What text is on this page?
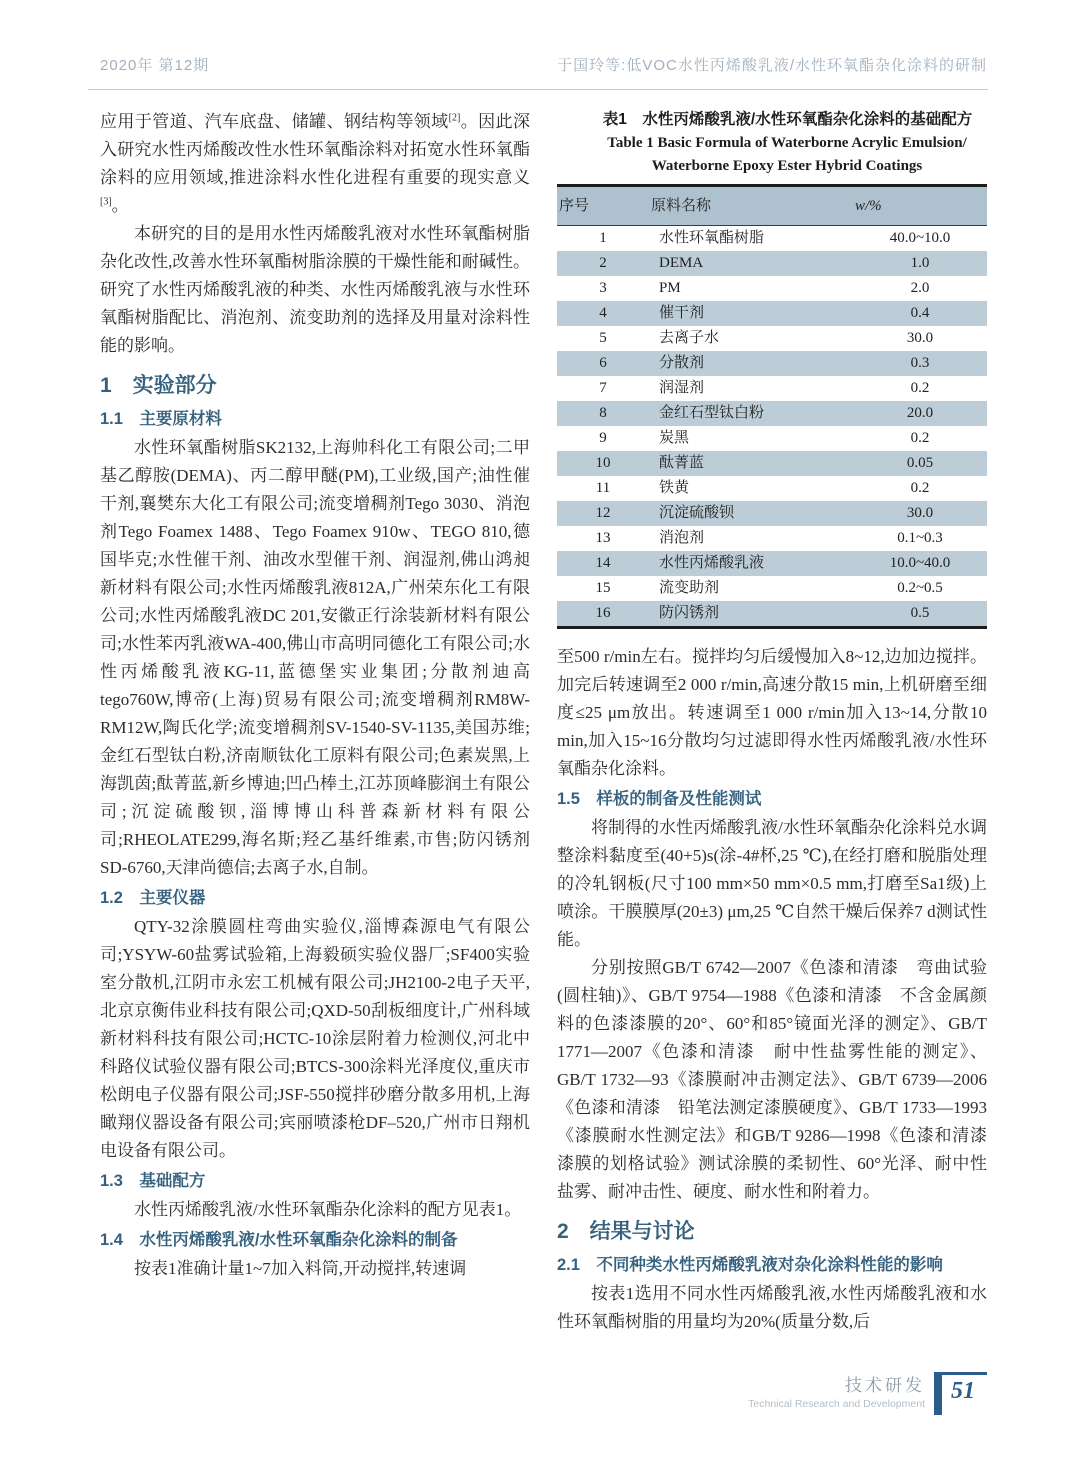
2020年 第12期	于国玲等:低VOC水性丙烯酸乳液/水性环氧酯杂化涂料的研制

应用于管道、汽车底盘、储罐、钢结构等领域[2]。因此深入研究水性丙烯酸改性水性环氧酯涂料对拓宽水性环氧酯涂料的应用领域,推进涂料水性化进程有重要的现实意义[3]。

本研究的目的是用水性丙烯酸乳液对水性环氧酯树脂杂化改性,改善水性环氧酯树脂涂膜的干燥性能和耐碱性。研究了水性丙烯酸乳液的种类、水性丙烯酸乳液与水性环氧酯树脂配比、消泡剂、流变助剂的选择及用量对涂料性能的影响。

1　实验部分
1.1　主要原材料

水性环氧酯树脂SK2132,上海帅科化工有限公司;二甲基乙醇胺(DEMA)、丙二醇甲醚(PM),工业级,国产;油性催干剂,襄樊东大化工有限公司;流变增稠剂Tego 3030、消泡剂Tego Foamex 1488、Tego Foamex 910w、TEGO 810,德国毕克;水性催干剂、油改水型催干剂、润湿剂,佛山鸿昶新材料有限公司;水性丙烯酸乳液812A,广州荣东化工有限公司;水性丙烯酸乳液DC 201,安徽正行涂装新材料有限公司;水性苯丙乳液WA-400,佛山市高明同德化工有限公司;水性丙烯酸乳液KG-11,蓝德堡实业集团;分散剂迪高tego760W,博帝(上海)贸易有限公司;流变增稠剂RM8W-RM12W,陶氏化学;流变增稠剂SV-1540-SV-1135,美国苏维;金红石型钛白粉,济南顺钛化工原料有限公司;色素炭黑,上海凯茵;酞菁蓝,新乡博迪;凹凸棒土,江苏顶峰膨润土有限公司;沉淀硫酸钡,淄博博山科普森新材料有限公司;RHEOLATE299,海名斯;羟乙基纤维素,市售;防闪锈剂SD-6760,天津尚德信;去离子水,自制。

1.2　主要仪器

QTY-32涂膜圆柱弯曲实验仪,淄博森源电气有限公司;YSYW-60盐雾试验箱,上海毅硕实验仪器厂;SF400实验室分散机,江阴市永宏工机械有限公司;JH2100-2电子天平,北京京衡伟业科技有限公司;QXD-50刮板细度计,广州科域新材料科技有限公司;HCTC-10涂层附着力检测仪,河北中科路仪试验仪器有限公司;BTCS-300涂料光泽度仪,重庆市松朗电子仪器有限公司;JSF-550搅拌砂磨分散多用机,上海瞰翔仪器设备有限公司;宾丽喷漆枪DF–520,广州市日翔机电设备有限公司。

1.3　基础配方

水性丙烯酸乳液/水性环氧酯杂化涂料的配方见表1。

1.4　水性丙烯酸乳液/水性环氧酯杂化涂料的制备

按表1准确计量1~7加入料筒,开动搅拌,转速调

表1　水性丙烯酸乳液/水性环氧酯杂化涂料的基础配方

Table 1 Basic Formula of Waterborne Acrylic Emulsion/

Waterborne Epoxy Ester Hybrid Coatings

序号	原料名称	w/%
1	水性环氧酯树脂	40.0~10.0
2	DEMA	1.0
3	PM	2.0
4	催干剂	0.4
5	去离子水	30.0
6	分散剂	0.3
7	润湿剂	0.2
8	金红石型钛白粉	20.0
9	炭黑	0.2
10	酞菁蓝	0.05
11	铁黄	0.2
12	沉淀硫酸钡	30.0
13	消泡剂	0.1~0.3
14	水性丙烯酸乳液	10.0~40.0
15	流变助剂	0.2~0.5
16	防闪锈剂	0.5

至500 r/min左右。搅拌均匀后缓慢加入8~12,边加边搅拌。加完后转速调至2 000 r/min,高速分散15 min,上机研磨至细度≤25 μm放出。转速调至1 000 r/min加入13~14,分散10 min,加入15~16分散均匀过滤即得水性丙烯酸乳液/水性环氧酯杂化涂料。

1.5　样板的制备及性能测试

将制得的水性丙烯酸乳液/水性环氧酯杂化涂料兑水调整涂料黏度至(40+5)s(涂-4#杯,25 ℃),在经打磨和脱脂处理的冷轧钢板(尺寸100 mm×50 mm×0.5 mm,打磨至Sa1级)上喷涂。干膜膜厚(20±3) μm,25 ℃自然干燥后保养7 d测试性能。

分别按照GB/T 6742—2007《色漆和清漆　弯曲试验(圆柱轴)》、GB/T 9754—1988《色漆和清漆　不含金属颜料的色漆漆膜的20°、60°和85°镜面光泽的测定》、GB/T 1771—2007《色漆和清漆　耐中性盐雾性能的测定》、GB/T 1732—93《漆膜耐冲击测定法》、GB/T 6739—2006《色漆和清漆　铅笔法测定漆膜硬度》、GB/T 1733—1993《漆膜耐水性测定法》和GB/T 9286—1998《色漆和清漆　漆膜的划格试验》测试涂膜的柔韧性、60°光泽、耐中性盐雾、耐冲击性、硬度、耐水性和附着力。

2　结果与讨论
2.1　不同种类水性丙烯酸乳液对杂化涂料性能的影响

按表1选用不同水性丙烯酸乳液,水性丙烯酸乳液和水性环氧酯树脂的用量均为20%(质量分数,后

技术研发
Technical Research and Development	51
